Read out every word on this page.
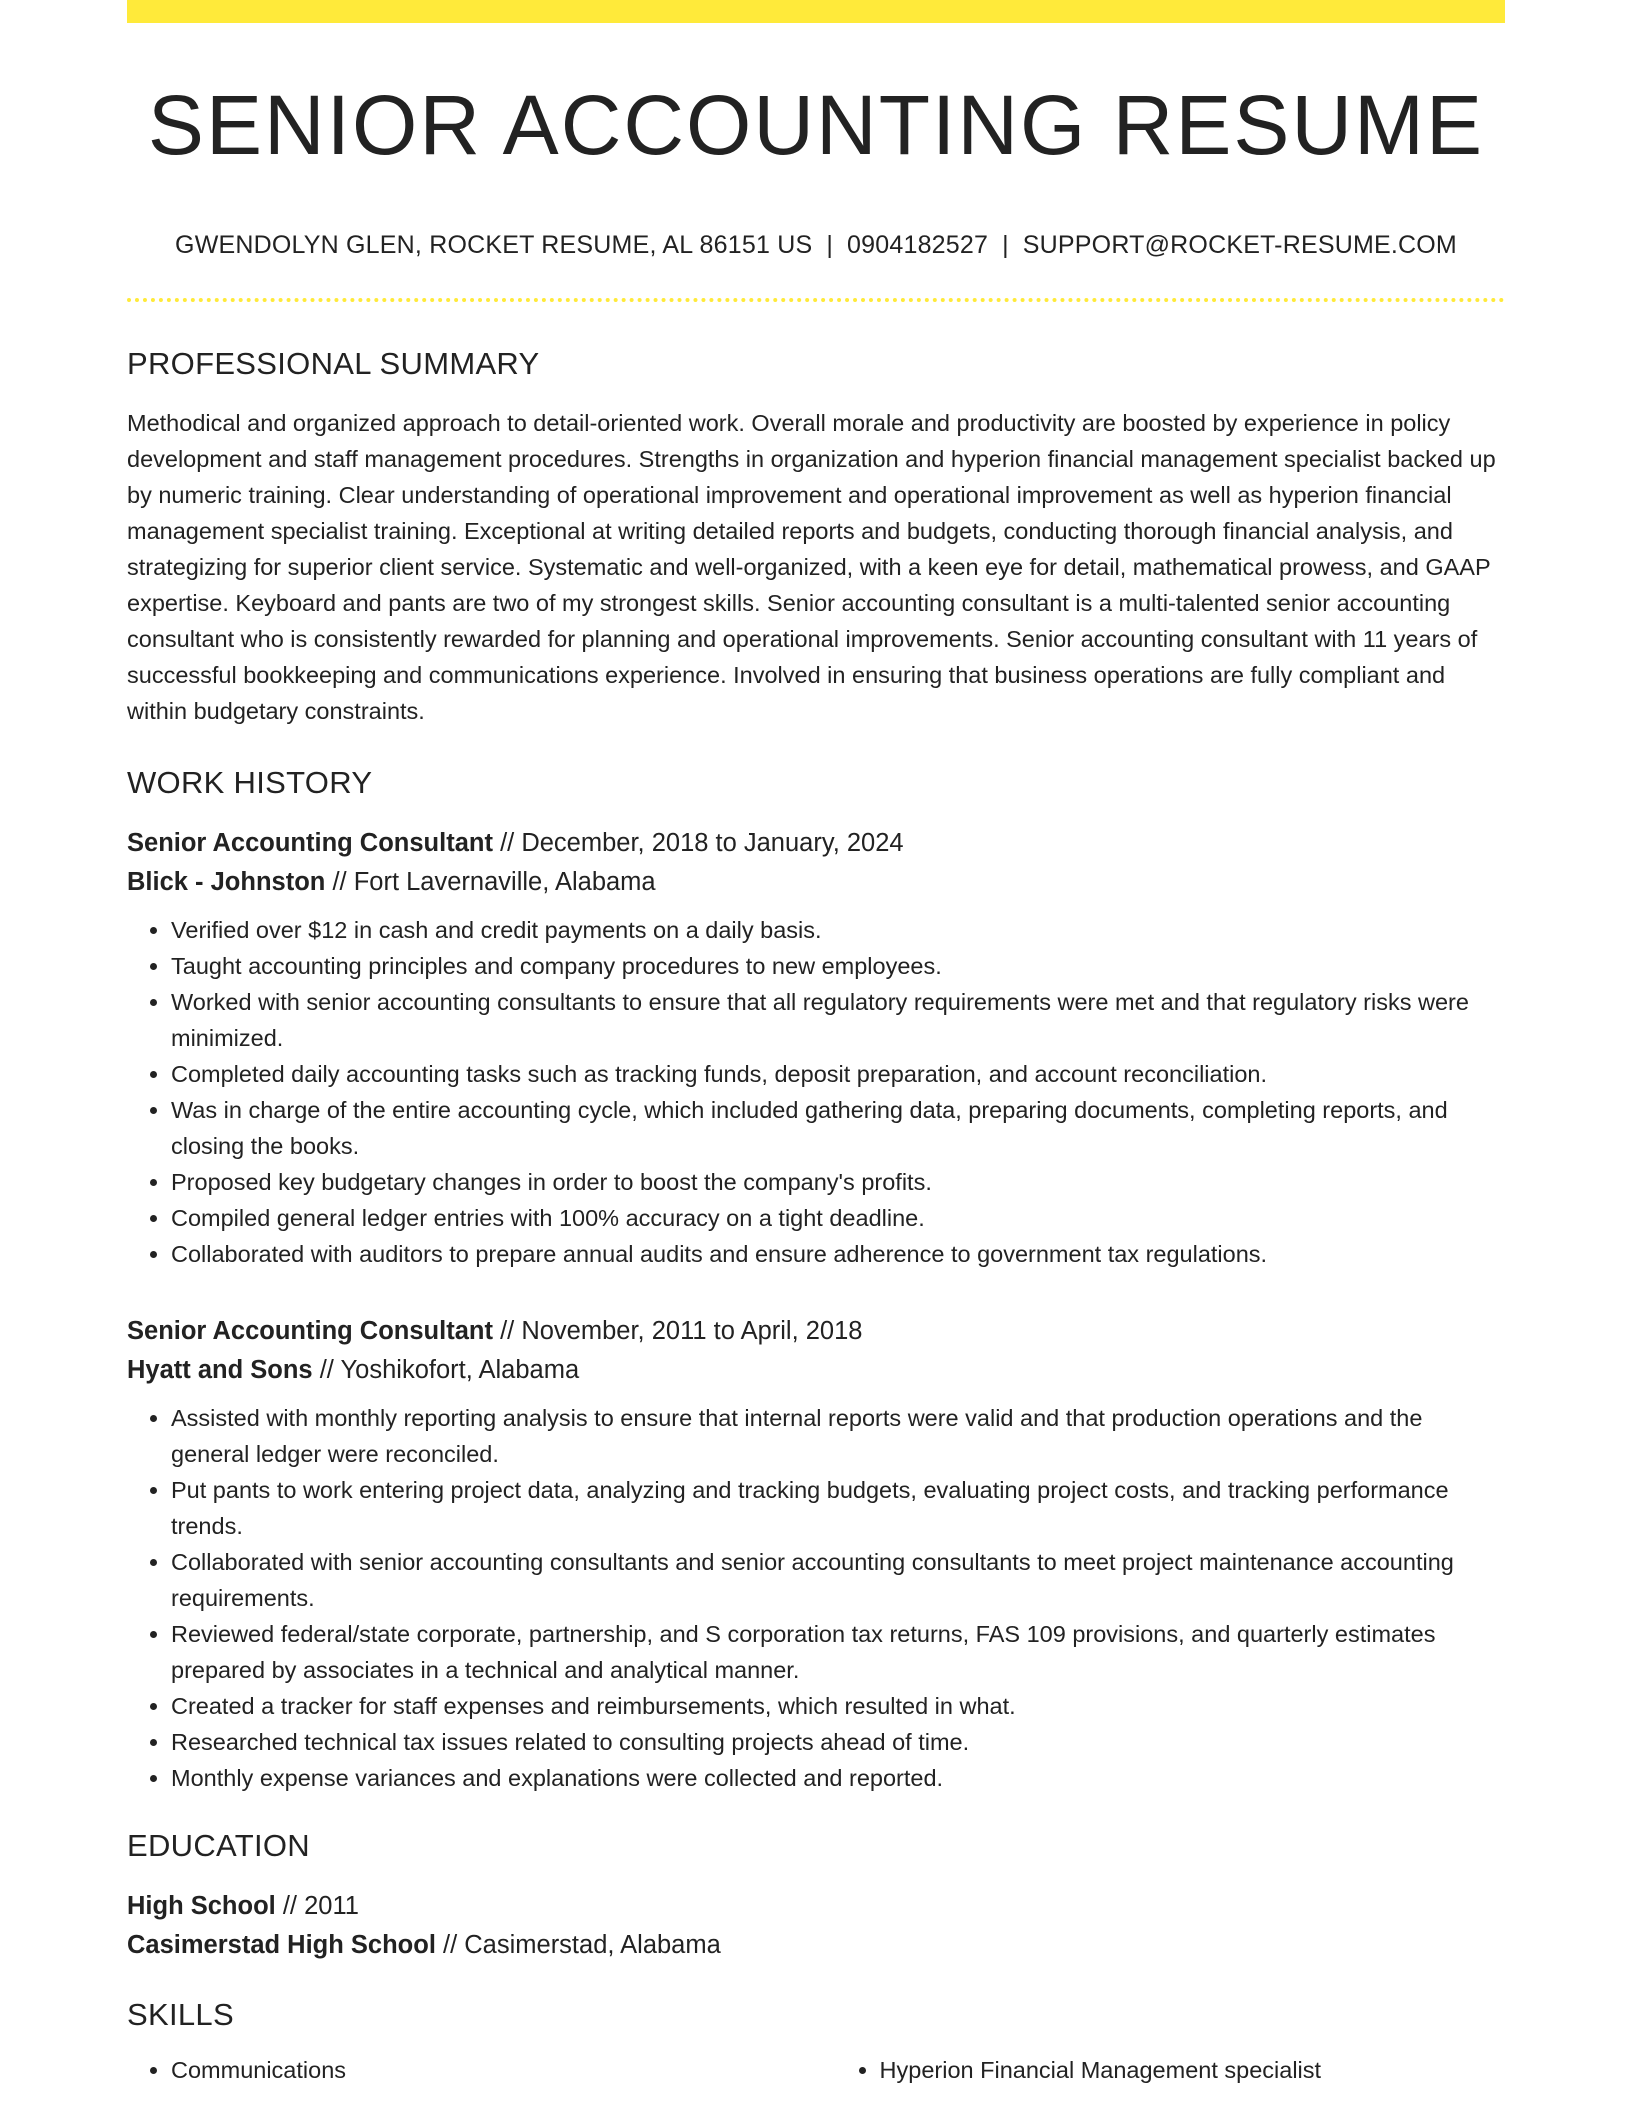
SENIOR ACCOUNTING RESUME
GWENDOLYN GLEN, ROCKET RESUME, AL 86151 US | 0904182527 | SUPPORT@ROCKET-RESUME.COM
PROFESSIONAL SUMMARY

Methodical and organized approach to detail-oriented work. Overall morale and productivity are boosted by experience in policy development and staff management procedures. Strengths in organization and hyperion financial management specialist backed up by numeric training. Clear understanding of operational improvement and operational improvement as well as hyperion financial management specialist training. Exceptional at writing detailed reports and budgets, conducting thorough financial analysis, and strategizing for superior client service. Systematic and well-organized, with a keen eye for detail, mathematical prowess, and GAAP expertise. Keyboard and pants are two of my strongest skills. Senior accounting consultant is a multi-talented senior accounting consultant who is consistently rewarded for planning and operational improvements. Senior accounting consultant with 11 years of successful bookkeeping and communications experience. Involved in ensuring that business operations are fully compliant and within budgetary constraints.

WORK HISTORY
Senior Accounting Consultant // December, 2018 to January, 2024
Blick - Johnston // Fort Lavernaville, Alabama
• Verified over $12 in cash and credit payments on a daily basis.
• Taught accounting principles and company procedures to new employees.
• Worked with senior accounting consultants to ensure that all regulatory requirements were met and that regulatory risks were minimized.
• Completed daily accounting tasks such as tracking funds, deposit preparation, and account reconciliation.
• Was in charge of the entire accounting cycle, which included gathering data, preparing documents, completing reports, and closing the books.
• Proposed key budgetary changes in order to boost the company's profits.
• Compiled general ledger entries with 100% accuracy on a tight deadline.
• Collaborated with auditors to prepare annual audits and ensure adherence to government tax regulations.
Senior Accounting Consultant // November, 2011 to April, 2018
Hyatt and Sons // Yoshikofort, Alabama
• Assisted with monthly reporting analysis to ensure that internal reports were valid and that production operations and the general ledger were reconciled.
• Put pants to work entering project data, analyzing and tracking budgets, evaluating project costs, and tracking performance trends.
• Collaborated with senior accounting consultants and senior accounting consultants to meet project maintenance accounting requirements.
• Reviewed federal/state corporate, partnership, and S corporation tax returns, FAS 109 provisions, and quarterly estimates prepared by associates in a technical and analytical manner.
• Created a tracker for staff expenses and reimbursements, which resulted in what.
• Researched technical tax issues related to consulting projects ahead of time.
• Monthly expense variances and explanations were collected and reported.
EDUCATION
High School // 2011
Casimerstad High School // Casimerstad, Alabama
SKILLS
• Communications
•	Hyperion Financial Management specialist
